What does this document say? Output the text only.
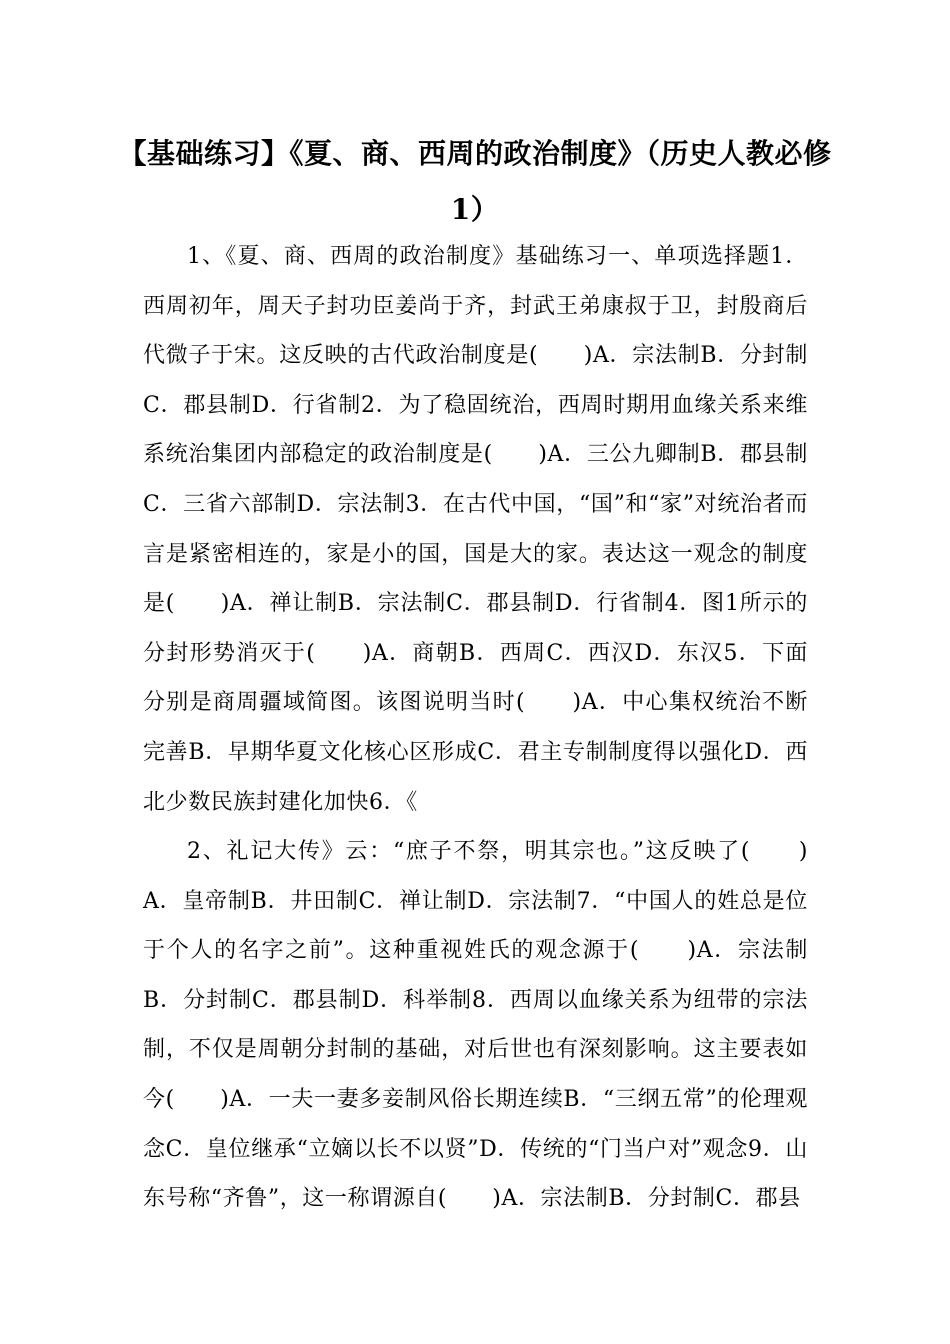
【基础练习】《夏、商、西周的政治制度》（历史人教必修1）

1、《夏、商、西周的政治制度》基础练习一、单项选择题1．西周初年，周天子封功臣姜尚于齐，封武王弟康叔于卫，封殷商后代微子于宋。这反映的古代政治制度是(　　)A．宗法制B．分封制C．郡县制D．行省制2．为了稳固统治，西周时期用血缘关系来维系统治集团内部稳定的政治制度是(　　)A．三公九卿制B．郡县制C．三省六部制D．宗法制3．在古代中国，“国”和“家”对统治者而言是紧密相连的，家是小的国，国是大的家。表达这一观念的制度是(　　)A．禅让制B．宗法制C．郡县制D．行省制4．图1所示的分封形势消灭于(　　)A．商朝B．西周C．西汉D．东汉5．下面分别是商周疆域简图。该图说明当时(　　)A．中心集权统治不断完善B．早期华夏文化核心区形成C．君主专制制度得以强化D．西北少数民族封建化加快6．《

2、礼记大传》云：“庶子不祭，明其宗也。”这反映了(　　)A．皇帝制B．井田制C．禅让制D．宗法制7．“中国人的姓总是位于个人的名字之前”。这种重视姓氏的观念源于(　　)A．宗法制B．分封制C．郡县制D．科举制8．西周以血缘关系为纽带的宗法制，不仅是周朝分封制的基础，对后世也有深刻影响。这主要表如今(　　)A．一夫一妻多妾制风俗长期连续B．“三纲五常”的伦理观念C．皇位继承“立嫡以长不以贤”D．传统的“门当户对”观念9．山东号称“齐鲁”，这一称谓源自(　　)A．宗法制B．分封制C．郡县
